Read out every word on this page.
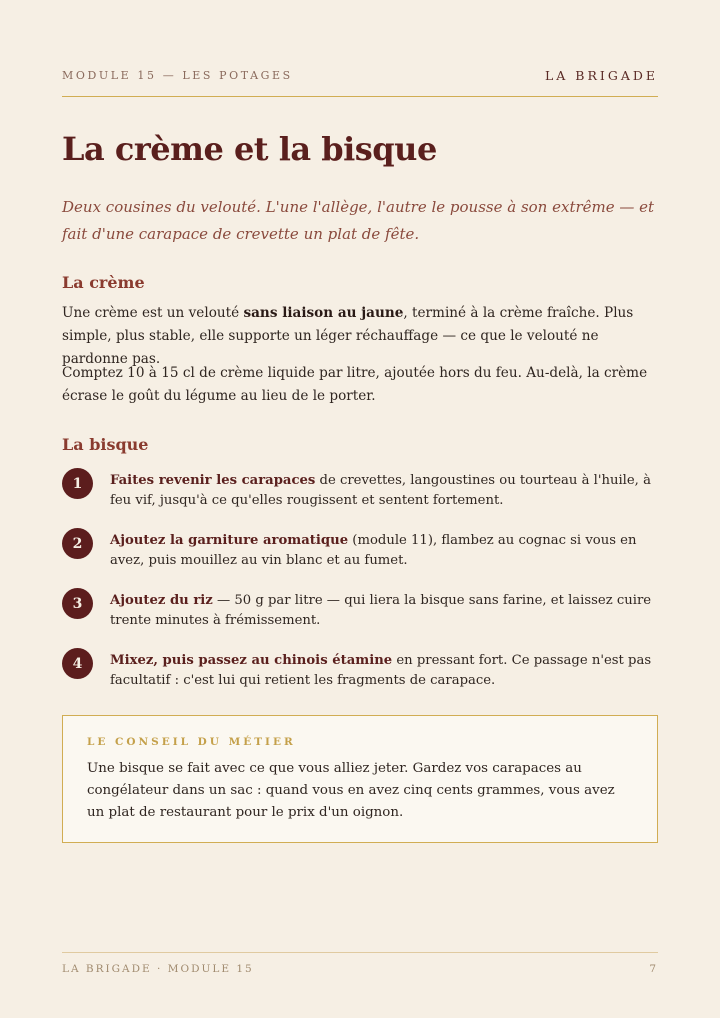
MODULE 15 — LES POTAGES	LA BRIGADE
La crème et la bisque

Deux cousines du velouté. L'une l'allège, l'autre le pousse à son extrême — et fait d'une carapace de crevette un plat de fête.

La crème

Une crème est un velouté sans liaison au jaune, terminé à la crème fraîche. Plus simple, plus stable, elle supporte un léger réchauffage — ce que le velouté ne pardonne pas.

Comptez 10 à 15 cl de crème liquide par litre, ajoutée hors du feu. Au-delà, la crème écrase le goût du légume au lieu de le porter.

La bisque
1	Faites revenir les carapaces de crevettes, langoustines ou tourteau à l'huile, à feu vif, jusqu'à ce qu'elles rougissent et sentent fortement.
2	Ajoutez la garniture aromatique (module 11), flambez au cognac si vous en avez, puis mouillez au vin blanc et au fumet.
3	Ajoutez du riz — 50 g par litre — qui liera la bisque sans farine, et laissez cuire trente minutes à frémissement.
4	Mixez, puis passez au chinois étamine en pressant fort. Ce passage n'est pas facultatif : c'est lui qui retient les fragments de carapace.
LE CONSEIL DU MÉTIER
Une bisque se fait avec ce que vous alliez jeter. Gardez vos carapaces au congélateur dans un sac : quand vous en avez cinq cents grammes, vous avez un plat de restaurant pour le prix d'un oignon.
LA BRIGADE · MODULE 15	7
